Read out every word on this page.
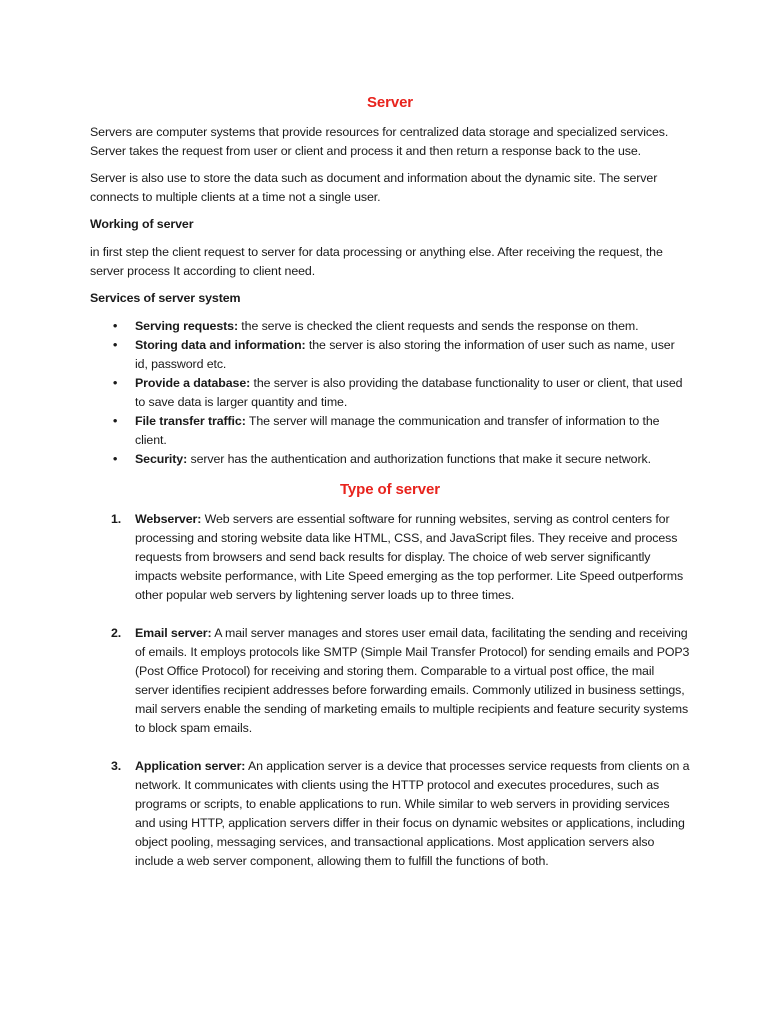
Server

Servers are computer systems that provide resources for centralized data storage and specialized services. Server takes the request from user or client and process it and then return a response back to the use.

Server is also use to store the data such as document and information about the dynamic site. The server connects to multiple clients at a time not a single user.

Working of server

in first step the client request to server for data processing or anything else. After receiving the request, the server process It according to client need.

Services of server system
• Serving requests: the serve is checked the client requests and sends the response on them.
• Storing data and information: the server is also storing the information of user such as name, user id, password etc.
• Provide a database: the server is also providing the database functionality to user or client, that used to save data is larger quantity and time.
• File transfer traffic: The server will manage the communication and transfer of information to the client.
• Security: server has the authentication and authorization functions that make it secure network.
Type of server
1. Webserver: Web servers are essential software for running websites, serving as control centers for processing and storing website data like HTML, CSS, and JavaScript files. They receive and process requests from browsers and send back results for display. The choice of web server significantly impacts website performance, with Lite Speed emerging as the top performer. Lite Speed outperforms other popular web servers by lightening server loads up to three times.
2. Email server: A mail server manages and stores user email data, facilitating the sending and receiving of emails. It employs protocols like SMTP (Simple Mail Transfer Protocol) for sending emails and POP3 (Post Office Protocol) for receiving and storing them. Comparable to a virtual post office, the mail server identifies recipient addresses before forwarding emails. Commonly utilized in business settings, mail servers enable the sending of marketing emails to multiple recipients and feature security systems to block spam emails.
3. Application server: An application server is a device that processes service requests from clients on a network. It communicates with clients using the HTTP protocol and executes procedures, such as programs or scripts, to enable applications to run. While similar to web servers in providing services and using HTTP, application servers differ in their focus on dynamic websites or applications, including object pooling, messaging services, and transactional applications. Most application servers also include a web server component, allowing them to fulfill the functions of both.
